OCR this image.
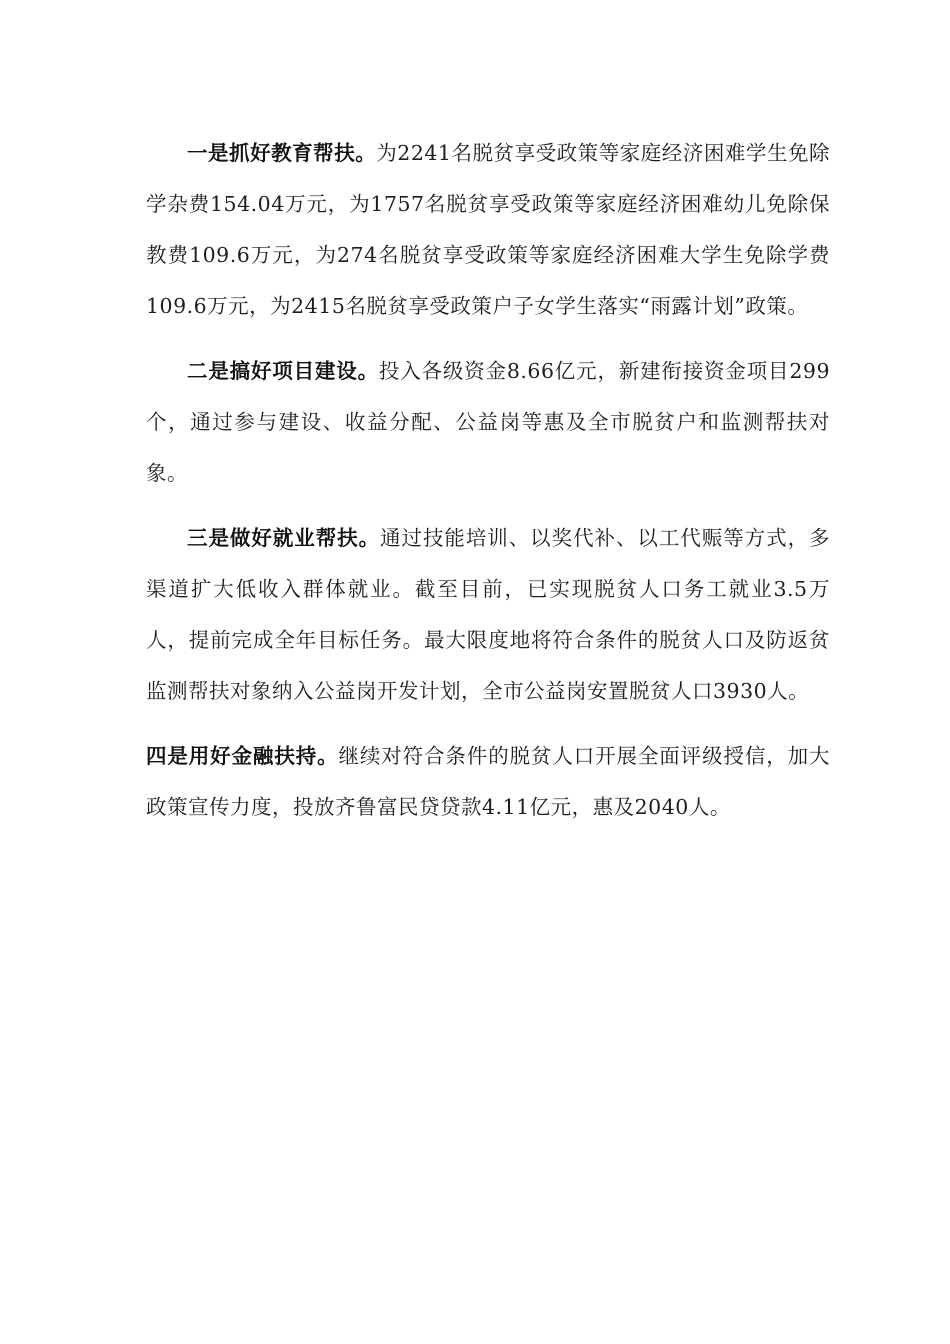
一是抓好教育帮扶。为2241名脱贫享受政策等家庭经济困难学生免除学杂费154.04万元，为1757名脱贫享受政策等家庭经济困难幼儿免除保教费109.6万元，为274名脱贫享受政策等家庭经济困难大学生免除学费109.6万元，为2415名脱贫享受政策户子女学生落实“雨露计划”政策。

二是搞好项目建设。投入各级资金8.66亿元，新建衔接资金项目299个，通过参与建设、收益分配、公益岗等惠及全市脱贫户和监测帮扶对象。

三是做好就业帮扶。通过技能培训、以奖代补、以工代赈等方式，多渠道扩大低收入群体就业。截至目前，已实现脱贫人口务工就业3.5万人，提前完成全年目标任务。最大限度地将符合条件的脱贫人口及防返贫监测帮扶对象纳入公益岗开发计划，全市公益岗安置脱贫人口3930人。

四是用好金融扶持。继续对符合条件的脱贫人口开展全面评级授信，加大政策宣传力度，投放齐鲁富民贷贷款4.11亿元，惠及2040人。
